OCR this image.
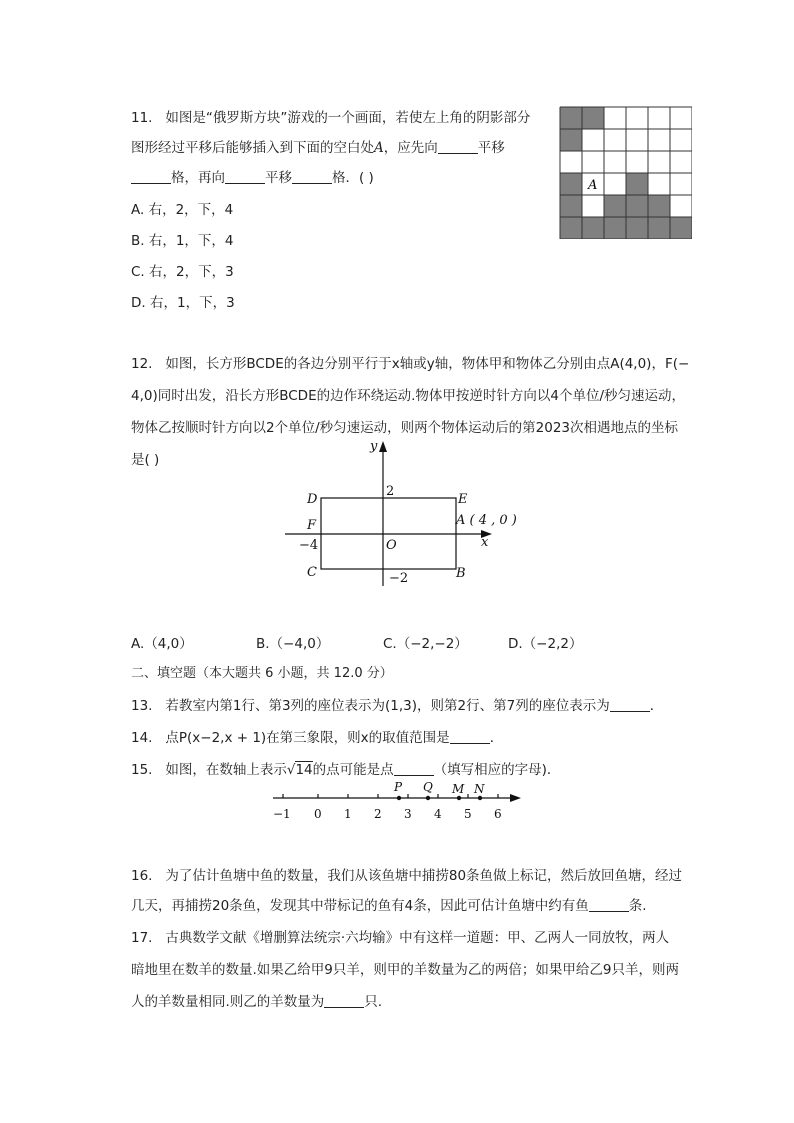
11. 如图是“俄罗斯方块”游戏的一个画面，若使左上角的阴影部分
图形经过平移后能够插入到下面的空白处A，应先向	平移
格，再向	平移	格．( )
A. 右，2，下，4
B. 右，1，下，4
C. 右，2，下，3
D. 右，1，下，3
A
12. 如图，长方形BCDE的各边分别平行于x轴或y轴，物体甲和物体乙分别由点A(4,0)，F(−
4,0)同时出发，沿长方形BCDE的边作环绕运动.物体甲按逆时针方向以4个单位/秒匀速运动，
物体乙按顺时针方向以2个单位/秒匀速运动，则两个物体运动后的第2023次相遇地点的坐标
是( )
y
x
D	E
F
C	B
O
2
−4
−2
A ( 4 , 0 )
A.（4,0）	B.（−4,0）	C.（−2,−2）	D.（−2,2）
二、填空题（本大题共 6 小题，共 12.0 分）
13. 若教室内第1行、第3列的座位表示为(1,3)，则第2行、第7列的座位表示为	．
14. 点P(x−2,x + 1)在第三象限，则x的取值范围是	．
15. 如图，在数轴上表示√14的点可能是点	（填写相应的字母)．
P Q M N
−1 0 1 2 3 4 5 6
16. 为了估计鱼塘中鱼的数量，我们从该鱼塘中捕捞80条鱼做上标记，然后放回鱼塘，经过
几天，再捕捞20条鱼，发现其中带标记的鱼有4条，因此可估计鱼塘中约有鱼	条.
17. 古典数学文献《增删算法统宗·六均输》中有这样一道题：甲、乙两人一同放牧，两人
暗地里在数羊的数量.如果乙给甲9只羊，则甲的羊数量为乙的两倍；如果甲给乙9只羊，则两
人的羊数量相同.则乙的羊数量为	只.
